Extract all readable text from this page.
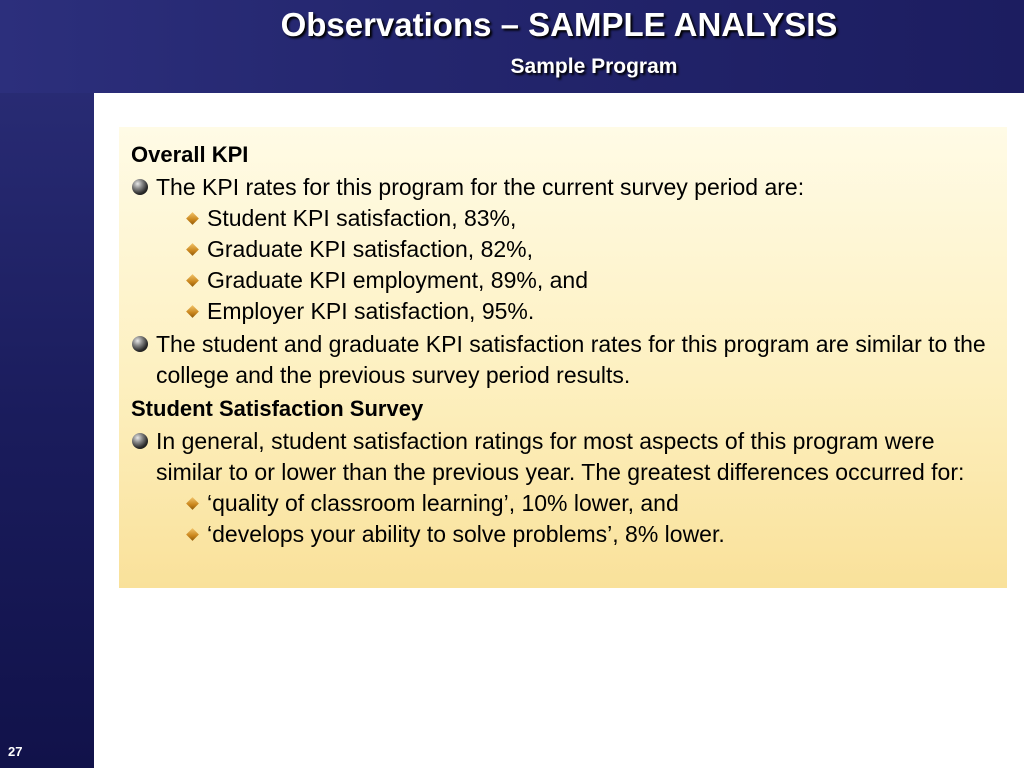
Observations – SAMPLE ANALYSIS
Sample Program
27
Overall KPI
The KPI rates for this program for the current survey period are:
Student KPI satisfaction, 83%,
Graduate KPI satisfaction, 82%,
Graduate KPI employment, 89%, and
Employer KPI satisfaction, 95%.
The student and graduate KPI satisfaction rates for this program are similar to the college and the previous survey period results.
Student Satisfaction Survey
In general, student satisfaction ratings for most aspects of this program were similar to or lower than the previous year. The greatest differences occurred for:
‘quality of classroom learning’, 10% lower, and
‘develops your ability to solve problems’, 8% lower.
